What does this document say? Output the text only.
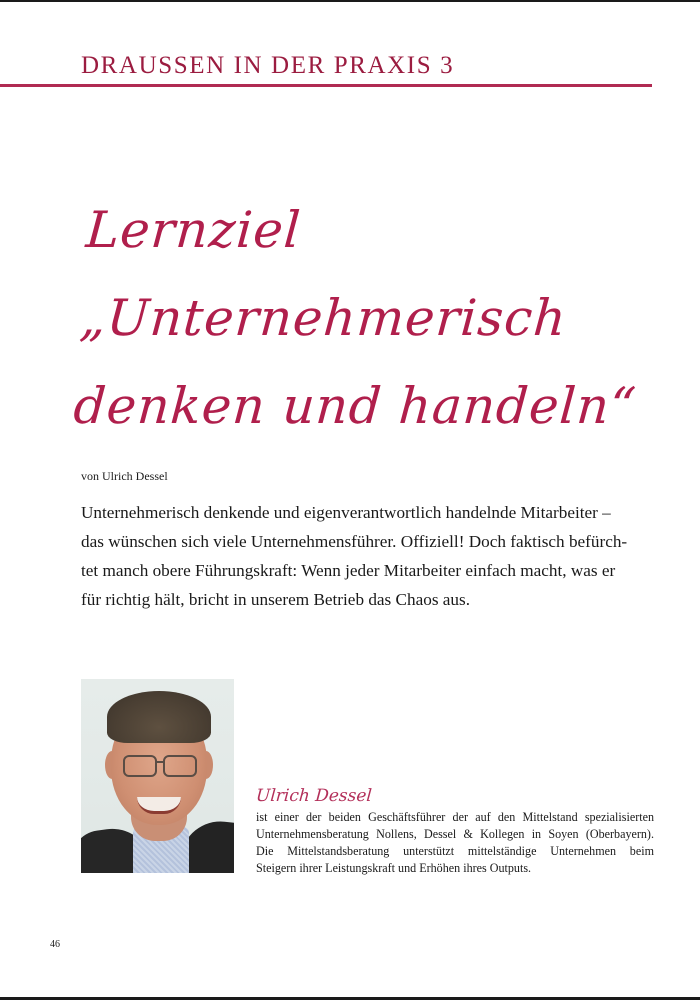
DRAUSSEN IN DER PRAXIS 3
Lernziel
„Unternehmerisch
denken und handeln“
von Ulrich Dessel
Unternehmerisch denkende und eigenverantwortlich handelnde Mitarbeiter –
das wünschen sich viele Unternehmensführer. Offiziell! Doch faktisch befürch-
tet manch obere Führungskraft: Wenn jeder Mitarbeiter einfach macht, was er
für richtig hält, bricht in unserem Betrieb das Chaos aus.
Ulrich Dessel
ist einer der beiden Geschäftsführer der auf den Mittelstand spezialisierten
Unternehmensberatung Nollens, Dessel & Kollegen in Soyen (Oberbayern).
Die Mittelstandsberatung unterstützt mittelständige Unternehmen beim
Steigern ihrer Leistungskraft und Erhöhen ihres Outputs.
46
